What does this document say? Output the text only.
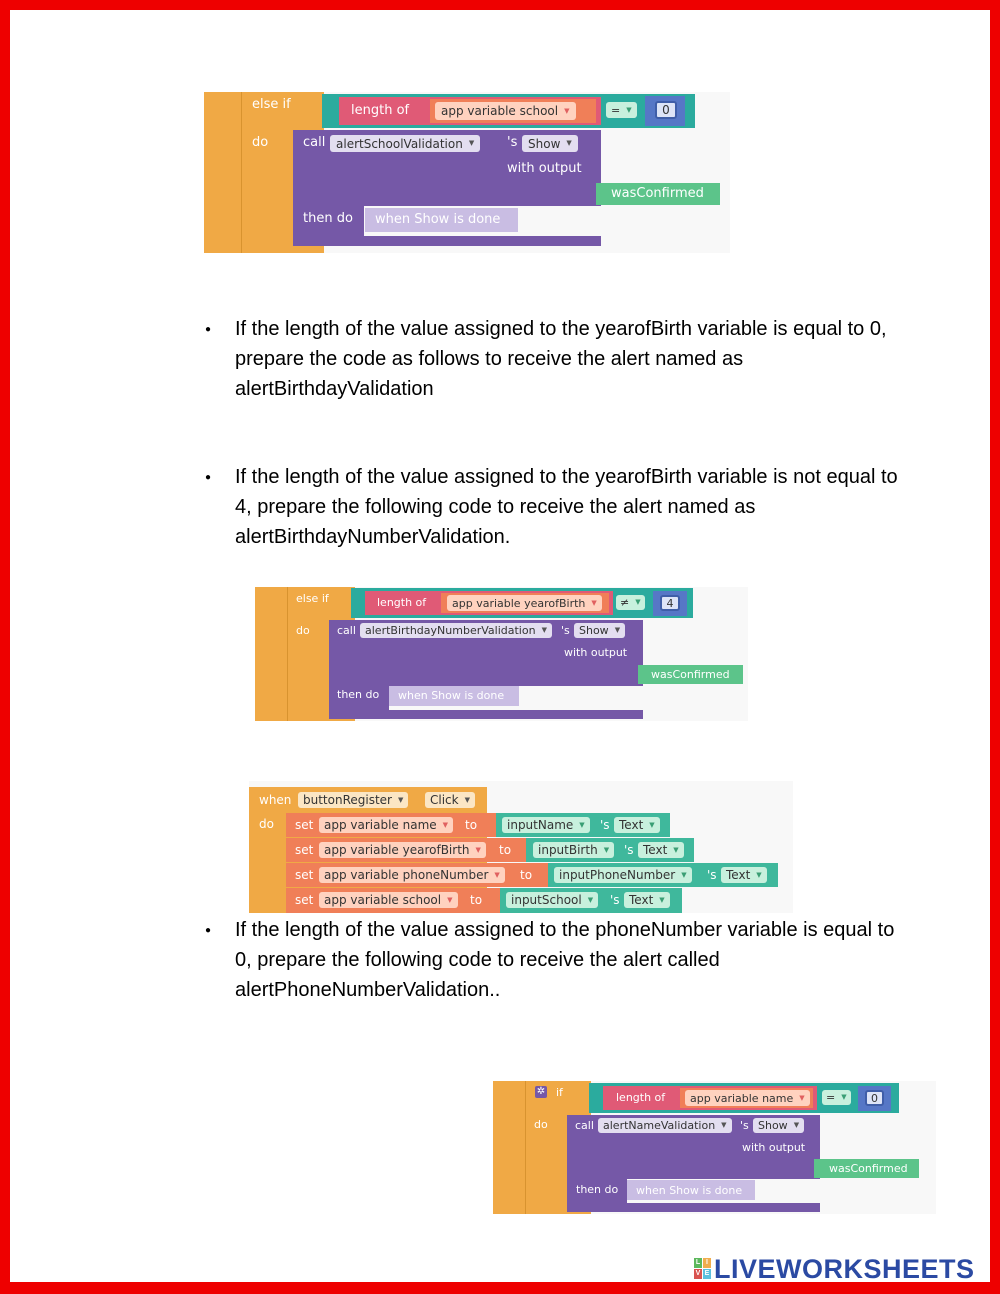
else if
do
length of	app variable school ▼	= ▼	0
call alertSchoolValidation ▼	's Show ▼
with output
wasConfirmed
then do when Show is done
● If the length of the value assigned to the yearofBirth variable is equal to 0, prepare the code as follows to receive the alert named as alertBirthdayValidation
● If the length of the value assigned to the yearofBirth variable is not equal to 4, prepare the following code to receive the alert named as alertBirthdayNumberValidation.
else if
do
length of app variable yearofBirth ▼ ≠ ▼ 4
call alertBirthdayNumberValidation ▼ 's Show ▼
with output
wasConfirmed
then do when Show is done
when buttonRegister ▼ Click ▼
do set app variable name ▼ to inputName ▼ 's Text ▼
set app variable yearofBirth ▼ to inputBirth ▼ 's Text ▼
set app variable phoneNumber ▼ to inputPhoneNumber ▼ 's Text ▼
set app variable school ▼ to inputSchool ▼ 's Text ▼
● If the length of the value assigned to the phoneNumber variable is equal to 0, prepare the following code to receive the alert called alertPhoneNumberValidation..
✲ if
do
length of app variable name ▼ = ▼ 0
call alertNameValidation ▼ 's Show ▼
with output
wasConfirmed
then do when Show is done
L I
V E LIVEWORKSHEETS
